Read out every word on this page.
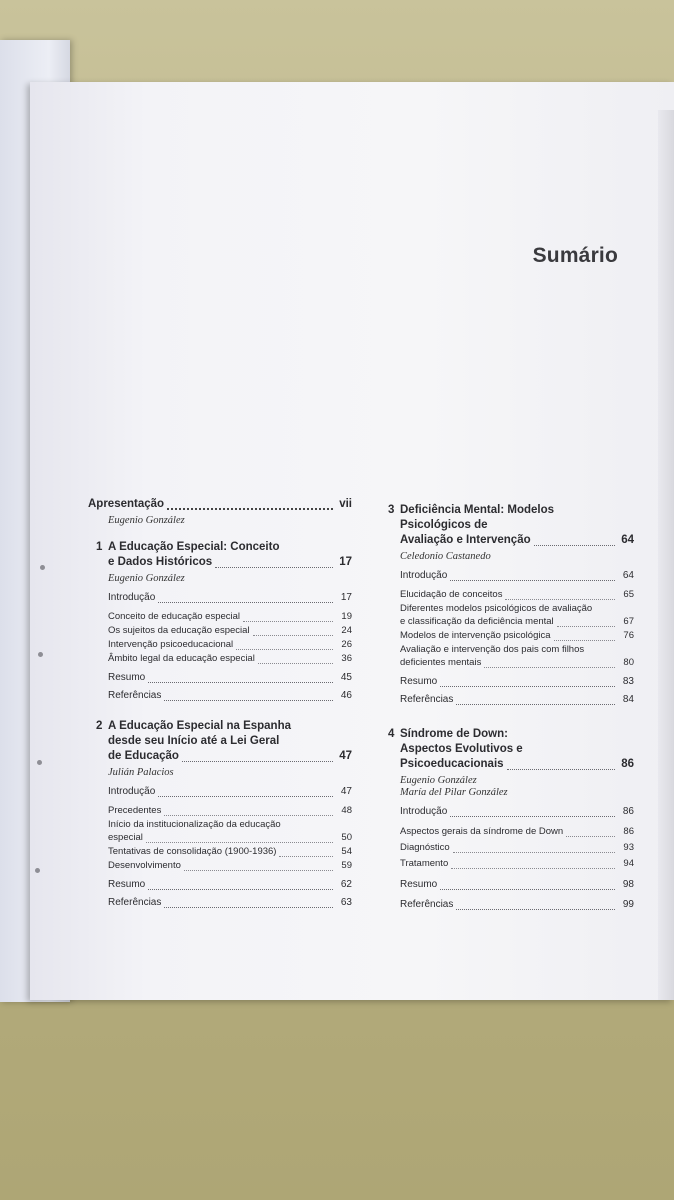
Sumário
Apresentação	vii
Eugenio González
1 A Educação Especial: Conceito
e Dados Históricos	17
Eugenio González
Introdução	17
Conceito de educação especial	19
Os sujeitos da educação especial	24
Intervenção psicoeducacional	26
Âmbito legal da educação especial	36
Resumo	45
Referências	46
2 A Educação Especial na Espanha
desde seu Início até a Lei Geral
de Educação	47
Julián Palacios
Introdução	47
Precedentes	48
Início da institucionalização da educação
especial	50
Tentativas de consolidação (1900-1936)	54
Desenvolvimento	59
Resumo	62
Referências	63
3 Deficiência Mental: Modelos
Psicológicos de
Avaliação e Intervenção	64
Celedonio Castanedo
Introdução	64
Elucidação de conceitos	65
Diferentes modelos psicológicos de avaliação
e classificação da deficiência mental	67
Modelos de intervenção psicológica	76
Avaliação e intervenção dos pais com filhos
deficientes mentais	80
Resumo	83
Referências	84
4 Síndrome de Down:
Aspectos Evolutivos e
Psicoeducacionais	86
Eugenio González
María del Pilar González
Introdução	86
Aspectos gerais da síndrome de Down	86
Diagnóstico	93
Tratamento	94
Resumo	98
Referências	99
